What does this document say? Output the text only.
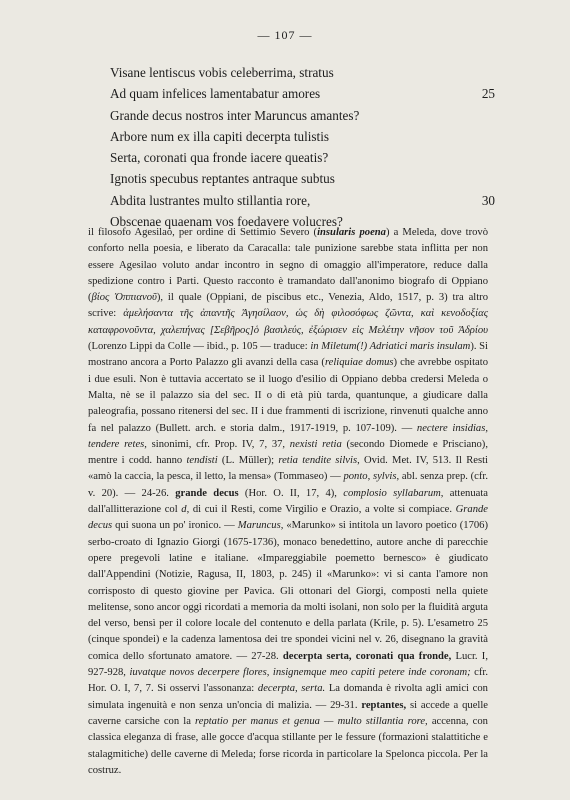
— 107 —
Visane lentiscus vobis celeberrima, stratus
Ad quam infelices lamentabatur amores	25
Grande decus nostros inter Maruncus amantes?
Arbore num ex illa capiti decerpta tulistis
Serta, coronati qua fronde iacere queatis?
Ignotis specubus reptantes antraque subtus
Abdita lustrantes multo stillantia rore,	30
Obscenae quaenam vos foedavere volucres?

il filosofo Agesilao, per ordine di Settimio Severo (insularis poena) a Meleda, dove trovò conforto nella poesia, e liberato da Caracalla: tale punizione sarebbe stata inflitta per non essere Agesilao voluto andar incontro in segno di omaggio all'imperatore, reduce dalla spedizione contro i Parti. Questo racconto è tramandato dall'anonimo biografo di Oppiano (βίος Ὀππιανοῦ), il quale (Oppiani, de piscibus etc., Venezia, Aldo, 1517, p. 3) tra altro scrive: ἀμελήσαντα τῆς ἀπαντῆς Ἀγησίλαον, ὡς δὴ φιλοσόφως ζῶντα, καὶ κενοδοξίας καταφρονοῦντα, χαλεπήνας [Σεβῆρος]ὁ βασιλεύς, ἐξώρισεν εἰς Μελέτην νῆσον τοῦ Ἀδρίου (Lorenzo Lippi da Colle — ibid., p. 105 — traduce: in Miletum(!) Adriatici maris insulam). Si mostrano ancora a Porto Palazzo gli avanzi della casa (reliquiae domus) che avrebbe ospitato i due esuli. Non è tuttavia accertato se il luogo d'esilio di Oppiano debba credersi Meleda o Malta, nè se il palazzo sia del sec. II o di età più tarda, quantunque, a giudicare dalla paleografia, possano ritenersi del sec. II i due frammenti di iscrizione, rinvenuti qualche anno fa nel palazzo (Bullett. arch. e storia dalm., 1917-1919, p. 107-109). — nectere insidias, tendere retes, sinonimi, cfr. Prop. IV, 7, 37, nexisti retia (secondo Diomede e Prisciano), mentre i codd. hanno tendisti (L. Müller); retia tendite silvis, Ovid. Met. IV, 513. Il Resti «amò la caccia, la pesca, il letto, la mensa» (Tommaseo) — ponto, sylvis, abl. senza prep. (cfr. v. 20). — 24-26. grande decus (Hor. O. II, 17, 4), complosio syllabarum, attenuata dall'allitterazione col d, di cui il Resti, come Virgilio e Orazio, a volte si compiace. Grande decus qui suona un po' ironico. — Maruncus, «Marunko» si intitola un lavoro poetico (1706) serbo-croato di Ignazio Giorgi (1675-1736), monaco benedettino, autore anche di parecchie opere pregevoli latine e italiane. «Impareggiabile poemetto bernesco» è giudicato dall'Appendini (Notizie, Ragusa, II, 1803, p. 245) il «Marunko»: vi si canta l'amore non corrisposto di questo giovine per Pavica. Gli ottonari del Giorgi, composti nella quiete melitense, sono ancor oggi ricordati a memoria da molti isolani, non solo per la fluidità arguta del verso, bensì per il colore locale del contenuto e della parlata (Krile, p. 5). L'esametro 25 (cinque spondei) e la cadenza lamentosa dei tre spondei vicini nel v. 26, disegnano la gravità comica dello sfortunato amatore. — 27-28. decerpta serta, coronati qua fronde, Lucr. I, 927-928, iuvatque novos decerpere flores, insignemque meo capiti petere inde coronam; cfr. Hor. O. I, 7, 7. Si osservi l'assonanza: decerpta, serta. La domanda è rivolta agli amici con simulata ingenuità e non senza un'oncia di malizia. — 29-31. reptantes, si accede a quelle caverne carsiche con la reptatio per manus et genua — multo stillantia rore, accenna, con classica eleganza di frase, alle gocce d'acqua stillante per le fessure (formazioni stalattitiche e stalagmitiche) delle caverne di Meleda; forse ricorda in particolare la Spelonca piccola. Per la costruz.
